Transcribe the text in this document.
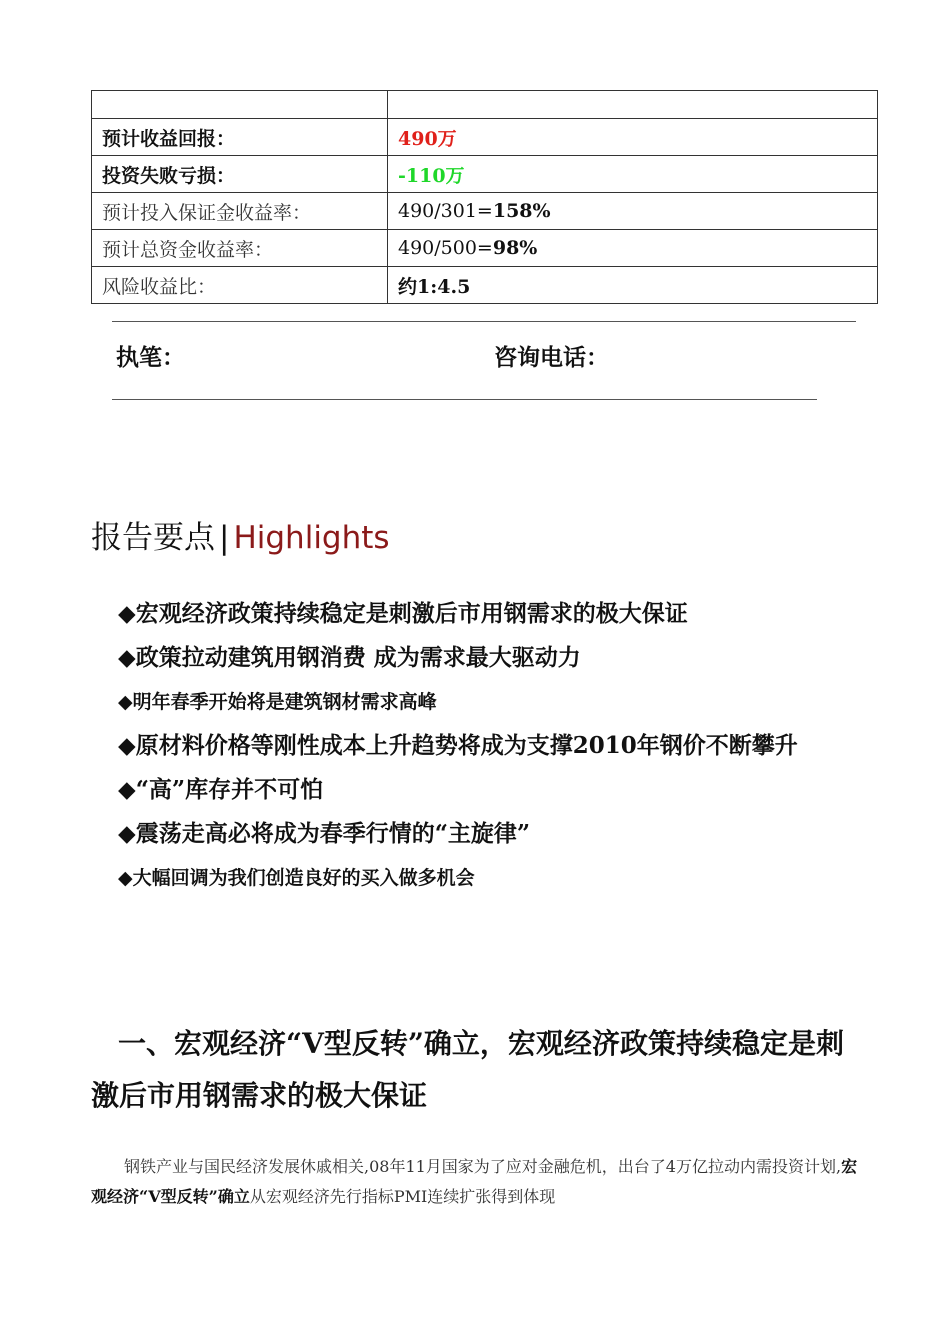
预计收益回报：	490万
投资失败亏损：	-110万
预计投入保证金收益率：	490/301=158%
预计总资金收益率：	490/500=98%
风险收益比：	约1:4.5
执笔：	咨询电话：
报告要点 | Highlights
◆宏观经济政策持续稳定是刺激后市用钢需求的极大保证
◆政策拉动建筑用钢消费 成为需求最大驱动力
◆明年春季开始将是建筑钢材需求高峰
◆原材料价格等刚性成本上升趋势将成为支撑2010年钢价不断攀升
◆“高”库存并不可怕
◆震荡走高必将成为春季行情的“主旋律”
◆大幅回调为我们创造良好的买入做多机会
一、宏观经济“V型反转”确立，宏观经济政策持续稳定是刺激后市用钢需求的极大保证
钢铁产业与国民经济发展休戚相关,08年11月国家为了应对金融危机，出台了4万亿拉动内需投资计划,宏观经济“V型反转”确立从宏观经济先行指标PMI连续扩张得到体现
